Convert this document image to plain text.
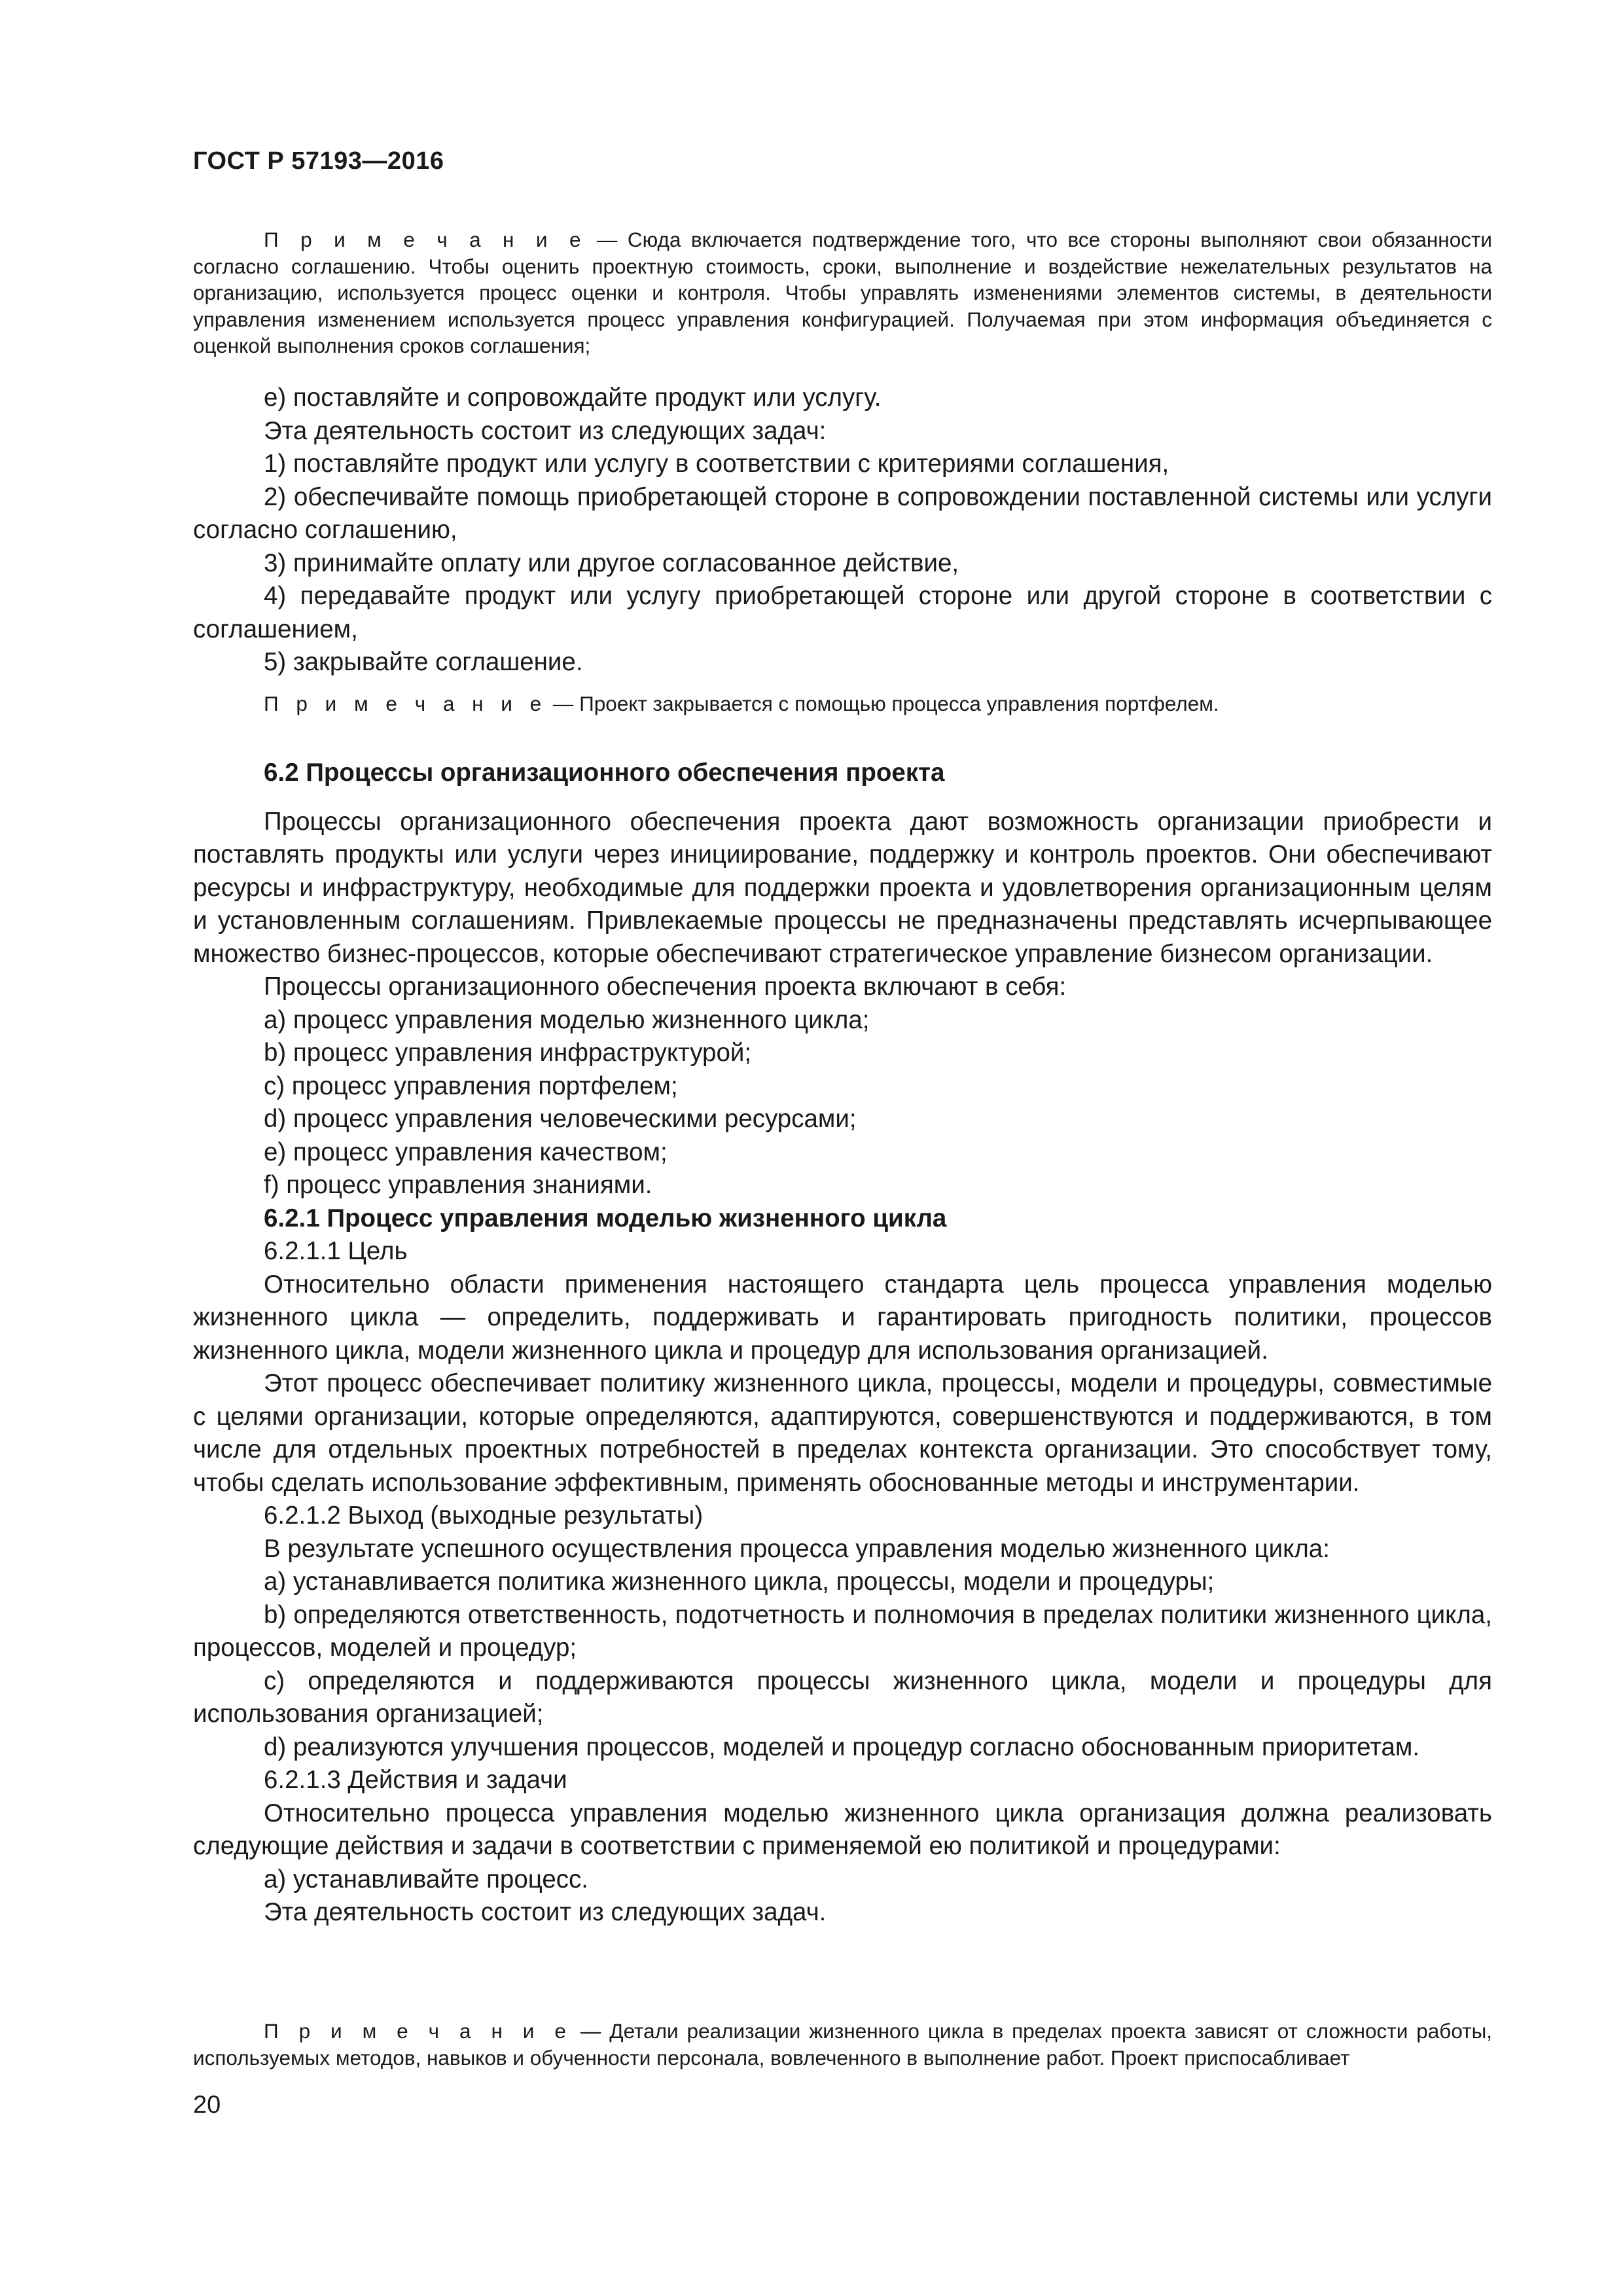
ГОСТ Р 57193—2016

П р и м е ч а н и е — Сюда включается подтверждение того, что все стороны выполняют свои обязанности согласно соглашению. Чтобы оценить проектную стоимость, сроки, выполнение и воздействие нежелательных результатов на организацию, используется процесс оценки и контроля. Чтобы управлять изменениями элементов системы, в деятельности управления изменением используется процесс управления конфигурацией. Получаемая при этом информация объединяется с оценкой выполнения сроков соглашения;

e) поставляйте и сопровождайте продукт или услугу.

Эта деятельность состоит из следующих задач:

1) поставляйте продукт или услугу в соответствии с критериями соглашения,

2) обеспечивайте помощь приобретающей стороне в сопровождении поставленной системы или услуги согласно соглашению,

3) принимайте оплату или другое согласованное действие,

4) передавайте продукт или услугу приобретающей стороне или другой стороне в соответствии с соглашением,

5) закрывайте соглашение.

П р и м е ч а н и е — Проект закрывается с помощью процесса управления портфелем.

6.2 Процессы организационного обеспечения проекта

Процессы организационного обеспечения проекта дают возможность организации приобрести и поставлять продукты или услуги через инициирование, поддержку и контроль проектов. Они обеспечивают ресурсы и инфраструктуру, необходимые для поддержки проекта и удовлетворения организационным целям и установленным соглашениям. Привлекаемые процессы не предназначены представлять исчерпывающее множество бизнес-процессов, которые обеспечивают стратегическое управление бизнесом организации.

Процессы организационного обеспечения проекта включают в себя:

a) процесс управления моделью жизненного цикла;

b) процесс управления инфраструктурой;

c) процесс управления портфелем;

d) процесс управления человеческими ресурсами;

e) процесс управления качеством;

f) процесс управления знаниями.

6.2.1 Процесс управления моделью жизненного цикла

6.2.1.1 Цель

Относительно области применения настоящего стандарта цель процесса управления моделью жизненного цикла — определить, поддерживать и гарантировать пригодность политики, процессов жизненного цикла, модели жизненного цикла и процедур для использования организацией.

Этот процесс обеспечивает политику жизненного цикла, процессы, модели и процедуры, совместимые с целями организации, которые определяются, адаптируются, совершенствуются и поддерживаются, в том числе для отдельных проектных потребностей в пределах контекста организации. Это способствует тому, чтобы сделать использование эффективным, применять обоснованные методы и инструментарии.

6.2.1.2 Выход (выходные результаты)

В результате успешного осуществления процесса управления моделью жизненного цикла:

a) устанавливается политика жизненного цикла, процессы, модели и процедуры;

b) определяются ответственность, подотчетность и полномочия в пределах политики жизненного цикла, процессов, моделей и процедур;

c) определяются и поддерживаются процессы жизненного цикла, модели и процедуры для использования организацией;

d) реализуются улучшения процессов, моделей и процедур согласно обоснованным приоритетам.

6.2.1.3 Действия и задачи

Относительно процесса управления моделью жизненного цикла организация должна реализовать следующие действия и задачи в соответствии с применяемой ею политикой и процедурами:

a) устанавливайте процесс.

Эта деятельность состоит из следующих задач.

П р и м е ч а н и е — Детали реализации жизненного цикла в пределах проекта зависят от сложности работы, используемых методов, навыков и обученности персонала, вовлеченного в выполнение работ. Проект приспосабливает

20
